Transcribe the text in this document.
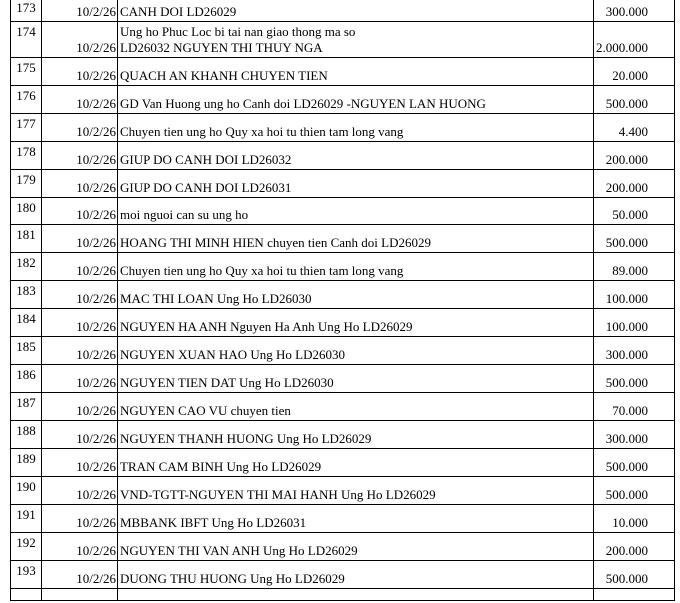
173	10/2/26	CANH DOI LD26029	300.000
174	10/2/26	Ung ho Phuc Loc bi tai nan giao thong ma so
LD26032 NGUYEN THI THUY NGA	2.000.000
175	10/2/26	QUACH AN KHANH CHUYEN TIEN	20.000
176	10/2/26	GD Van Huong ung ho Canh doi LD26029 -NGUYEN LAN HUONG	500.000
177	10/2/26	Chuyen tien ung ho Quy xa hoi tu thien tam long vang	4.400
178	10/2/26	GIUP DO CANH DOI LD26032	200.000
179	10/2/26	GIUP DO CANH DOI LD26031	200.000
180	10/2/26	moi nguoi can su ung ho	50.000
181	10/2/26	HOANG THI MINH HIEN chuyen tien Canh doi LD26029	500.000
182	10/2/26	Chuyen tien ung ho Quy xa hoi tu thien tam long vang	89.000
183	10/2/26	MAC THI LOAN Ung Ho LD26030	100.000
184	10/2/26	NGUYEN HA ANH Nguyen Ha Anh Ung Ho LD26029	100.000
185	10/2/26	NGUYEN XUAN HAO Ung Ho LD26030	300.000
186	10/2/26	NGUYEN TIEN DAT Ung Ho LD26030	500.000
187	10/2/26	NGUYEN CAO VU chuyen tien	70.000
188	10/2/26	NGUYEN THANH HUONG Ung Ho LD26029	300.000
189	10/2/26	TRAN CAM BINH Ung Ho LD26029	500.000
190	10/2/26	VND-TGTT-NGUYEN THI MAI HANH Ung Ho LD26029	500.000
191	10/2/26	MBBANK IBFT Ung Ho LD26031	10.000
192	10/2/26	NGUYEN THI VAN ANH Ung Ho LD26029	200.000
193	10/2/26	DUONG THU HUONG Ung Ho LD26029	500.000
